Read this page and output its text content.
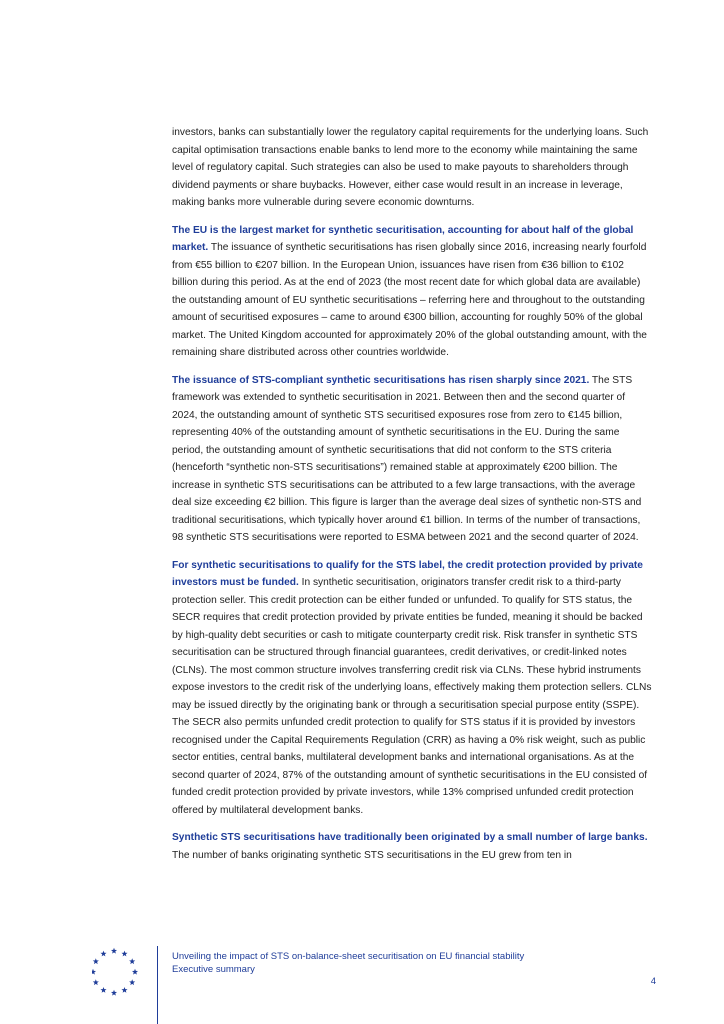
investors, banks can substantially lower the regulatory capital requirements for the underlying loans. Such capital optimisation transactions enable banks to lend more to the economy while maintaining the same level of regulatory capital. Such strategies can also be used to make payouts to shareholders through dividend payments or share buybacks. However, either case would result in an increase in leverage, making banks more vulnerable during severe economic downturns.

The EU is the largest market for synthetic securitisation, accounting for about half of the global market. The issuance of synthetic securitisations has risen globally since 2016, increasing nearly fourfold from €55 billion to €207 billion. In the European Union, issuances have risen from €36 billion to €102 billion during this period. As at the end of 2023 (the most recent date for which global data are available) the outstanding amount of EU synthetic securitisations – referring here and throughout to the outstanding amount of securitised exposures – came to around €300 billion, accounting for roughly 50% of the global market. The United Kingdom accounted for approximately 20% of the global outstanding amount, with the remaining share distributed across other countries worldwide.

The issuance of STS-compliant synthetic securitisations has risen sharply since 2021. The STS framework was extended to synthetic securitisation in 2021. Between then and the second quarter of 2024, the outstanding amount of synthetic STS securitised exposures rose from zero to €145 billion, representing 40% of the outstanding amount of synthetic securitisations in the EU. During the same period, the outstanding amount of synthetic securitisations that did not conform to the STS criteria (henceforth “synthetic non-STS securitisations”) remained stable at approximately €200 billion. The increase in synthetic STS securitisations can be attributed to a few large transactions, with the average deal size exceeding €2 billion. This figure is larger than the average deal sizes of synthetic non-STS and traditional securitisations, which typically hover around €1 billion. In terms of the number of transactions, 98 synthetic STS securitisations were reported to ESMA between 2021 and the second quarter of 2024.

For synthetic securitisations to qualify for the STS label, the credit protection provided by private investors must be funded. In synthetic securitisation, originators transfer credit risk to a third-party protection seller. This credit protection can be either funded or unfunded. To qualify for STS status, the SECR requires that credit protection provided by private entities be funded, meaning it should be backed by high-quality debt securities or cash to mitigate counterparty credit risk. Risk transfer in synthetic STS securitisation can be structured through financial guarantees, credit derivatives, or credit-linked notes (CLNs). The most common structure involves transferring credit risk via CLNs. These hybrid instruments expose investors to the credit risk of the underlying loans, effectively making them protection sellers. CLNs may be issued directly by the originating bank or through a securitisation special purpose entity (SSPE). The SECR also permits unfunded credit protection to qualify for STS status if it is provided by investors recognised under the Capital Requirements Regulation (CRR) as having a 0% risk weight, such as public sector entities, central banks, multilateral development banks and international organisations. As at the second quarter of 2024, 87% of the outstanding amount of synthetic securitisations in the EU consisted of funded credit protection provided by private investors, while 13% comprised unfunded credit protection offered by multilateral development banks.

Synthetic STS securitisations have traditionally been originated by a small number of large banks. The number of banks originating synthetic STS securitisations in the EU grew from ten in

Unveiling the impact of STS on-balance-sheet securitisation on EU financial stability
Executive summary
4
